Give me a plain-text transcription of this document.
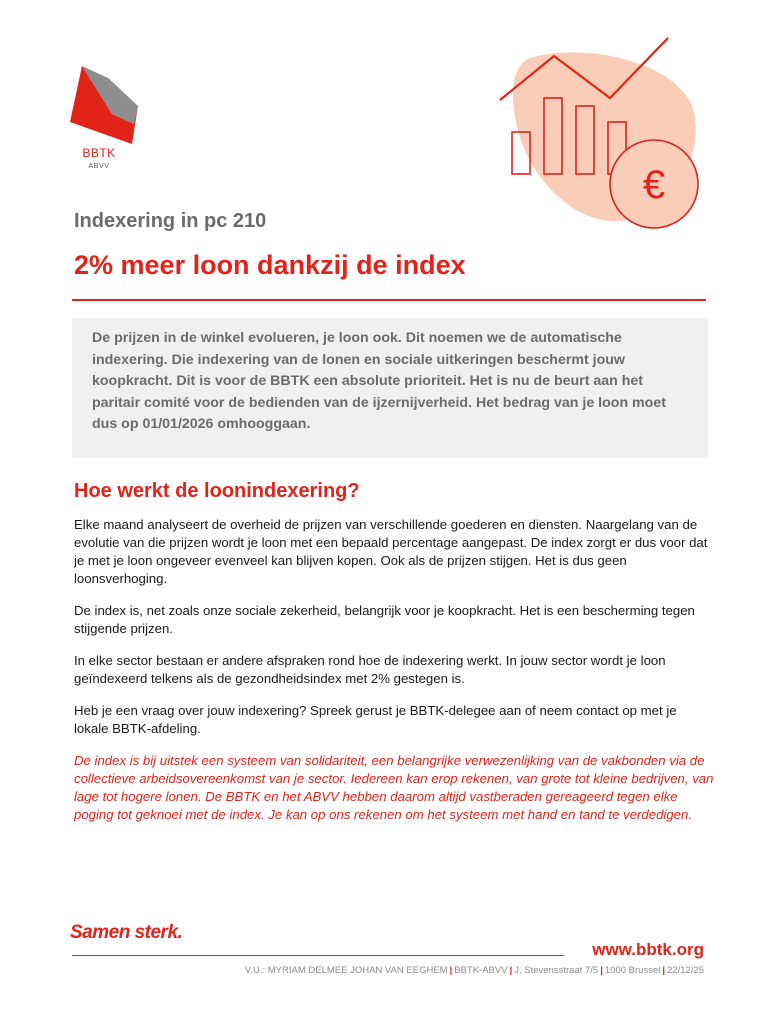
BBTK
ABVV	€
Indexering in pc 210
2% meer loon dankzij de index

De prijzen in de winkel evolueren, je loon ook. Dit noemen we de automatische indexering. Die indexering van de lonen en sociale uitkeringen beschermt jouw koopkracht. Dit is voor de BBTK een absolute prioriteit. Het is nu de beurt aan het paritair comité voor de bedienden van de ijzernijverheid. Het bedrag van je loon moet dus op 01/01/2026 omhooggaan.

Hoe werkt de loonindexering?

Elke maand analyseert de overheid de prijzen van verschillende goederen en diensten. Naargelang van de evolutie van die prijzen wordt je loon met een bepaald percentage aangepast. De index zorgt er dus voor dat je met je loon ongeveer evenveel kan blijven kopen. Ook als de prijzen stijgen. Het is dus geen loonsverhoging.

De index is, net zoals onze sociale zekerheid, belangrijk voor je koopkracht. Het is een bescherming tegen stijgende prijzen.

In elke sector bestaan er andere afspraken rond hoe de indexering werkt. In jouw sector wordt je loon geïndexeerd telkens als de gezondheidsindex met 2% gestegen is.

Heb je een vraag over jouw indexering? Spreek gerust je BBTK-delegee aan of neem contact op met je lokale BBTK-afdeling.

De index is bij uitstek een systeem van solidariteit, een belangrijke verwezenlijking van de vakbonden via de collectieve arbeidsovereenkomst van je sector. Iedereen kan erop rekenen, van grote tot kleine bedrijven, van lage tot hogere lonen. De BBTK en het ABVV hebben daarom altijd vastberaden gereageerd tegen elke poging tot geknoei met de index. Je kan op ons rekenen om het systeem met hand en tand te verdedigen.

Samen sterk.
www.bbtk.org
V.U.: MYRIAM DELMEE JOHAN VAN EEGHEM | BBTK-ABVV | J. Stevensstraat 7/5 | 1000 Brussel | 22/12/25
